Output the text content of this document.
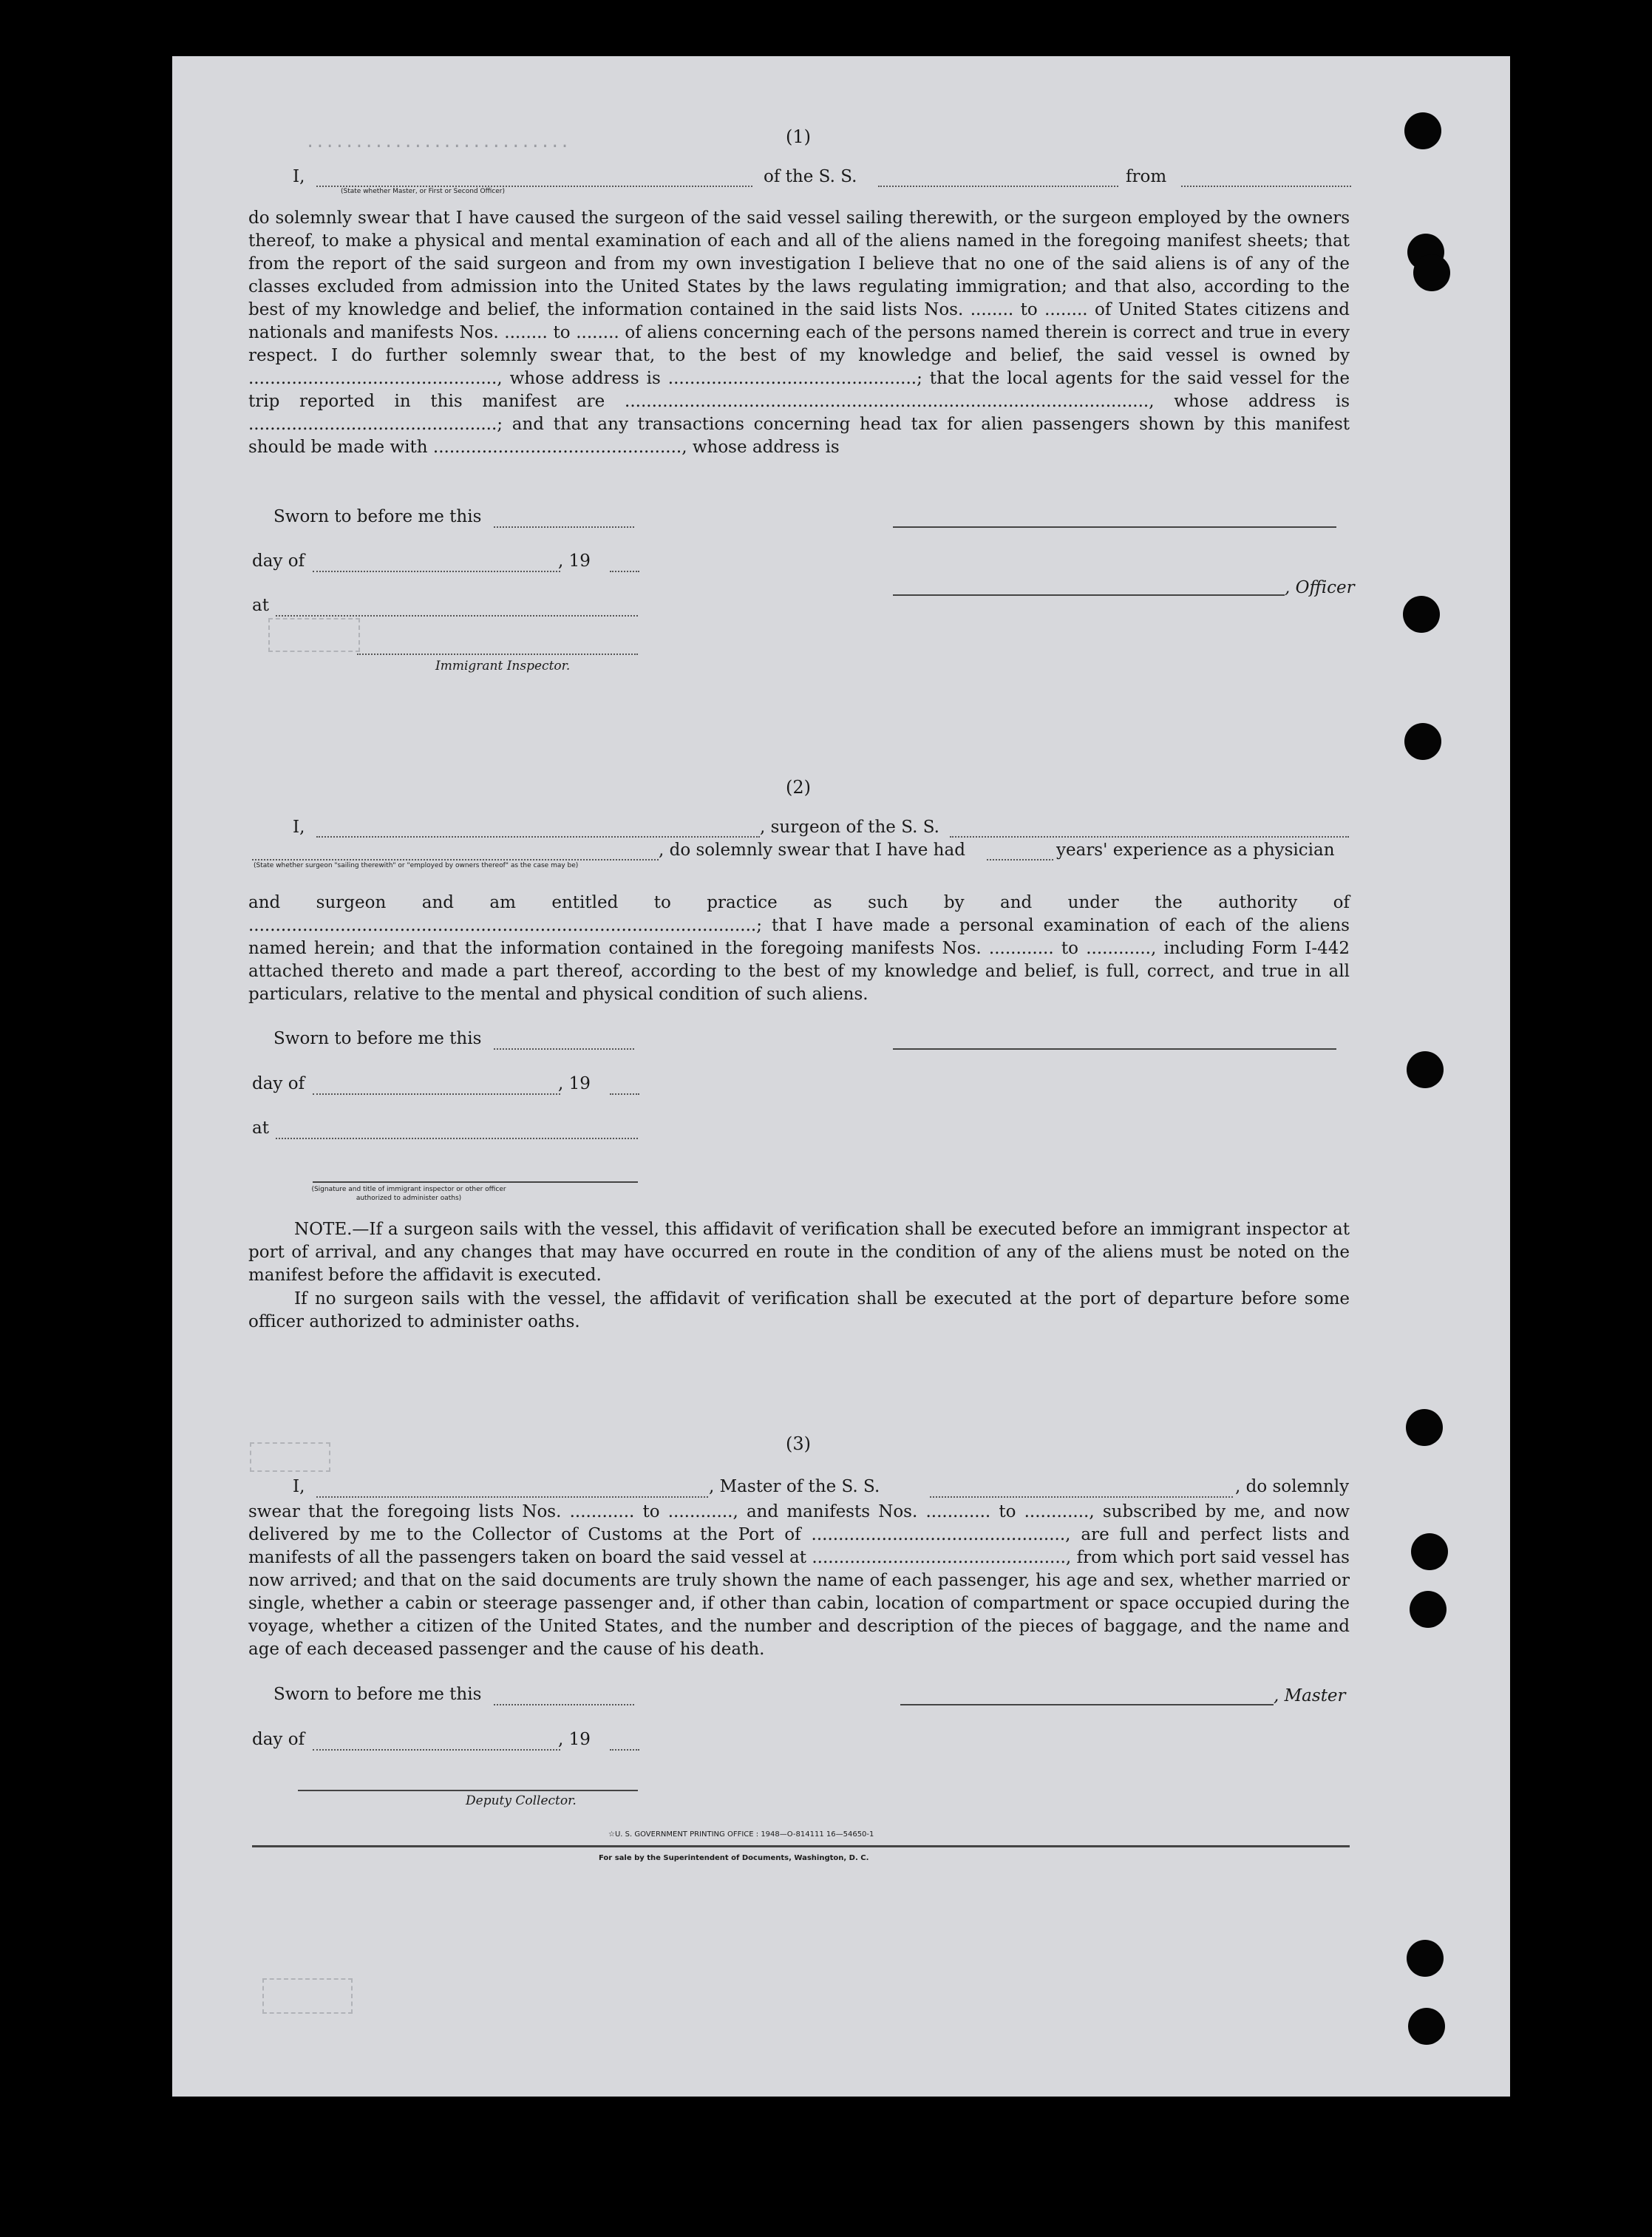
···························	(1)
I,	of the S. S.	from
(State whether Master, or First or Second Officer)

do solemnly swear that I have caused the surgeon of the said vessel sailing therewith, or the surgeon employed by the owners thereof, to make a physical and mental examination of each and all of the aliens named in the foregoing manifest sheets; that from the report of the said surgeon and from my own investigation I believe that no one of the said aliens is of any of the classes excluded from admission into the United States by the laws regulating immigration; and that also, according to the best of my knowledge and belief, the information contained in the said lists Nos. ........ to ........ of United States citizens and nationals and manifests Nos. ........ to ........ of aliens concerning each of the persons named therein is correct and true in every respect. I do further solemnly swear that, to the best of my knowledge and belief, the said vessel is owned by .............................................., whose address is ..............................................; that the local agents for the said vessel for the trip reported in this manifest are ................................................................................................., whose address is ..............................................; and that any transactions concerning head tax for alien passengers shown by this manifest should be made with .............................................., whose address is

Sworn to before me this
day of	, 19
, Officer
at
Immigrant Inspector.
(2)
I,	, surgeon of the S. S.
, do solemnly swear that I have had	years' experience as a physician
(State whether surgeon "sailing therewith" or "employed by owners thereof" as the case may be)

and surgeon and am entitled to practice as such by and under the authority of ..............................................................................................; that I have made a personal examination of each of the aliens named herein; and that the information contained in the foregoing manifests Nos. ............ to ............, including Form I-442 attached thereto and made a part thereof, according to the best of my knowledge and belief, is full, correct, and true in all particulars, relative to the mental and physical condition of such aliens.

Sworn to before me this
day of	, 19
at
(Signature and title of immigrant inspector or other officer authorized to administer oaths)

NOTE.—If a surgeon sails with the vessel, this affidavit of verification shall be executed before an immigrant inspector at port of arrival, and any changes that may have occurred en route in the condition of any of the aliens must be noted on the manifest before the affidavit is executed.

If no surgeon sails with the vessel, the affidavit of verification shall be executed at the port of departure before some officer authorized to administer oaths.

(3)
I,	, Master of the S. S.	, do solemnly

swear that the foregoing lists Nos. ............ to ............, and manifests Nos. ............ to ............, subscribed by me, and now delivered by me to the Collector of Customs at the Port of ..............................................., are full and perfect lists and manifests of all the passengers taken on board the said vessel at ..............................................., from which port said vessel has now arrived; and that on the said documents are truly shown the name of each passenger, his age and sex, whether married or single, whether a cabin or steerage passenger and, if other than cabin, location of compartment or space occupied during the voyage, whether a citizen of the United States, and the number and description of the pieces of baggage, and the name and age of each deceased passenger and the cause of his death.

Sworn to before me this	, Master
day of	, 19
Deputy Collector.
☆U. S. GOVERNMENT PRINTING OFFICE : 1948—O-814111 16—54650-1
For sale by the Superintendent of Documents, Washington, D. C.
